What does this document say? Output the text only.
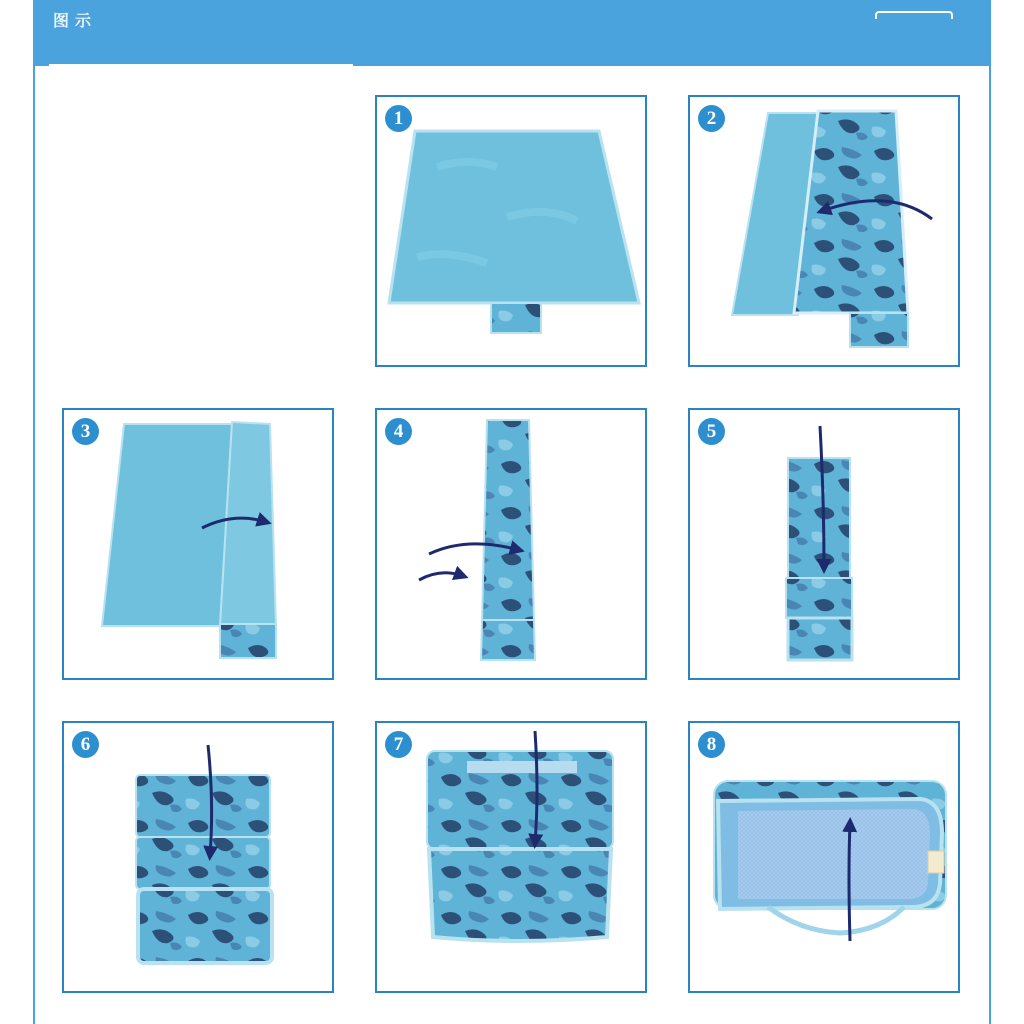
图示
1	2
3	4	5
6	7	8
